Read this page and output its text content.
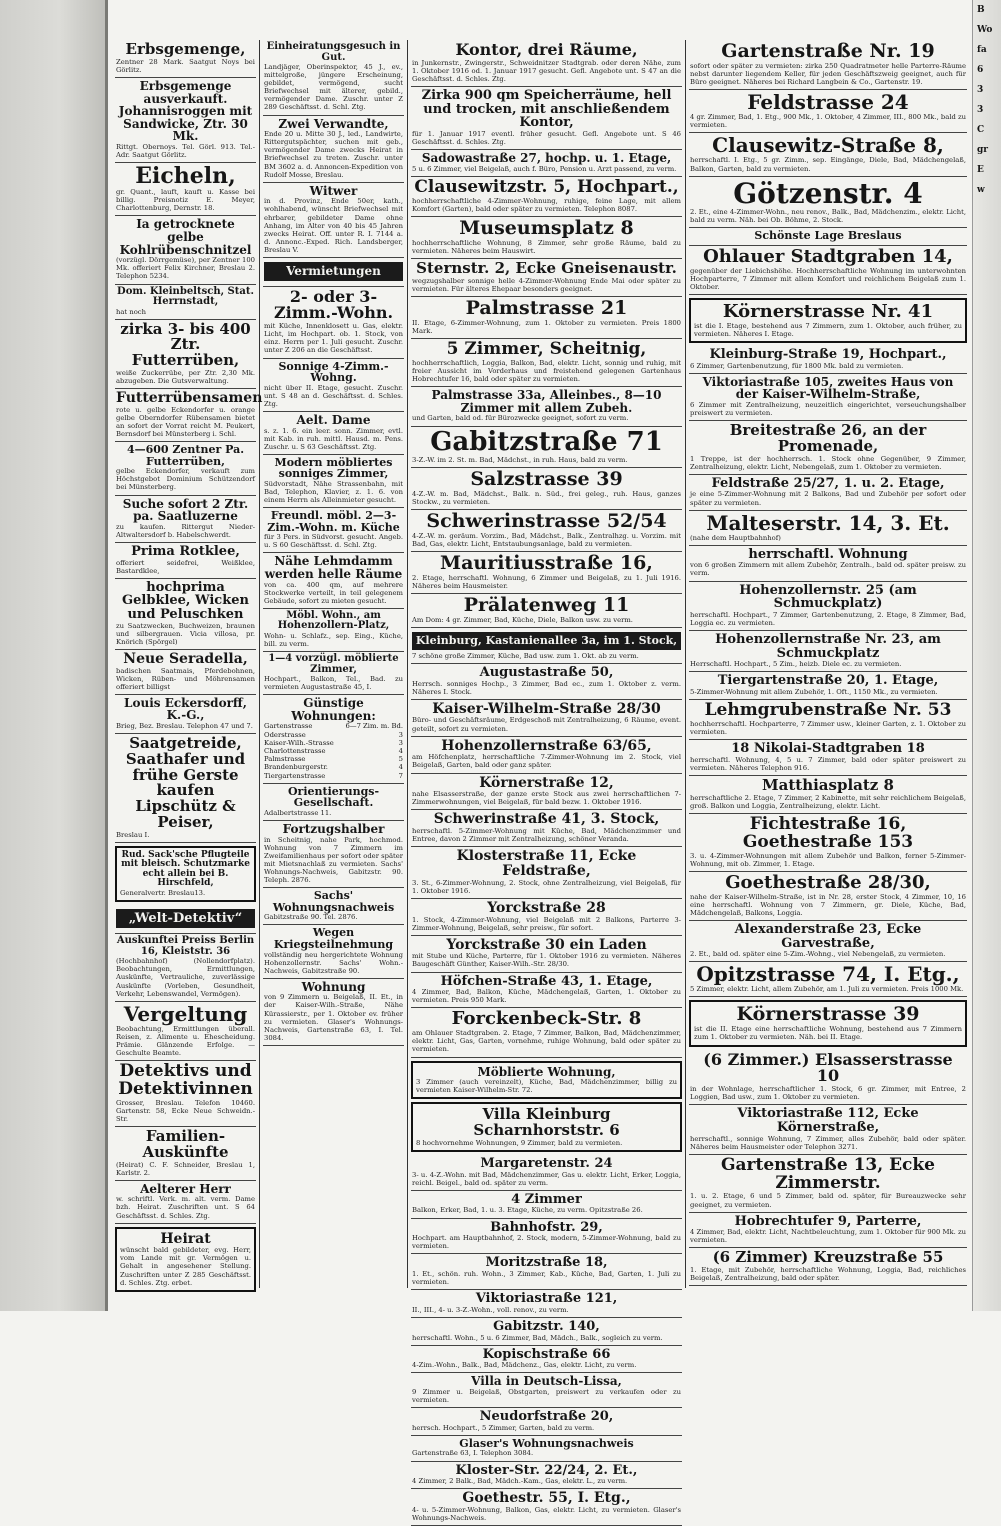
Erbsgemenge,
Zentner 28 Mark. Saatgut Noys bei Görlitz.
Erbsgemenge ausverkauft. Johannisroggen mit Sandwicke, Ztr. 30 Mk.
Rittgt. Obernoys. Tel. Görl. 913. Tel.-Adr. Saatgut Görlitz.
Eicheln,
gr. Quant., lauft, kauft u. Kasse bei billig. Preisnotiz E. Meyer, Charlottenburg, Dernstr. 18.
Ia getrocknete gelbe Kohlrübenschnitzel
(vorzügl. Dörrgemüse), per Zentner 100 Mk. offeriert Felix Kirchner, Breslau 2. Telephon 5234.
Dom. Kleinbeltsch, Stat. Herrnstadt,
hat noch
zirka 3- bis 400 Ztr. Futterrüben,
weiße Zuckerrübe, per Ztr. 2,30 Mk. abzugeben. Die Gutsverwaltung.
Futterrübensamen
rote u. gelbe Eckendorfer u. orange gelbe Oberndorfer Rübensamen bietet an sofort der Vorrat reicht M. Peukert, Bernsdorf bei Münsterberg i. Schl.
4—600 Zentner Pa. Futterrüben,
gelbe Eckendorfer, verkauft zum Höchstgebot Dominium Schützendorf bei Münsterberg.
Suche sofort 2 Ztr. pa. Saatluzerne
zu kaufen. Rittergut Nieder-Altwaltersdorf b. Habelschwerdt.
Prima Rotklee,
offeriert seidefrei, Weißklee, Bastardklee,
hochprima Gelbklee, Wicken und Peluschken
zu Saatzwecken, Buchweizen, braunen und silbergrauen. Vicia villosa, pr. Knörich (Spörgel)
Neue Seradella,
badischen Saatmais, Pferdebohnen, Wicken, Rüben- und Möhrensamen offeriert billigst
Louis Eckersdorff, K.-G.,
Brieg, Bez. Breslau. Telephon 47 und 7.
Saatgetreide, Saathafer und frühe Gerste kaufen Lipschütz & Peiser,
Breslau I.
Rud. Sack'sche Pflugteile mit bleisch. Schutzmarke echt allein bei B. Hirschfeld,
Generalvertr. Breslau13.
„Welt-Detektiv“
Auskunftei Preiss Berlin 16, Kleiststr. 36
(Hochbahnhof) (Nollendorfplatz). Beobachtungen, Ermittlungen, Auskünfte, Vertrauliche, zuverlässige Auskünfte (Vorleben, Gesundheit, Verkehr, Lebenswandel, Vermögen).
Vergeltung
Beobachtung, Ermittlungen überall. Reisen, z. Alimente u. Ehescheidung. Prämie. Glänzende Erfolge. — Geschulte Beamte.
Detektivs und Detektivinnen
Grosser, Breslau. Telefon 10460. Gartenstr. 58, Ecke Neue Schweidn.-Str.
Familien-Auskünfte
(Heirat) C. F. Schneider, Breslau 1, Karlstr. 2.
Aelterer Herr
w. schriftl. Verk. m. alt. verm. Dame bzh. Heirat. Zuschriften unt. S 64 Geschäftsst. d. Schles. Ztg.
Heirat
wünscht bald gebildeter, evg. Herr, vom Lande mit gr. Vermögen u. Gehalt in angesehener Stellung. Zuschriften unter Z 285 Geschäftsst. d. Schles. Ztg. erbet.
Einheiratungsgesuch in Gut.
Landjäger, Oberinspektor, 45 J., ev., mittelgroße, jüngere Erscheinung, gebildet, vermögend, sucht Briefwechsel mit älterer, gebild., vermögender Dame. Zuschr. unter Z 289 Geschäftsst. d. Schl. Ztg.
Zwei Verwandte,
Ende 20 u. Mitte 30 J., led., Landwirte, Rittergutspächter, suchen mit geb., vermögender Dame zwecks Heirat in Briefwechsel zu treten. Zuschr. unter BM 3602 a. d. Annoncen-Expedition von Rudolf Mosse, Breslau.
Witwer
in d. Provinz, Ende 50er, kath., wohlhabend, wünscht Briefwechsel mit ehrbarer, gebildeter Dame ohne Anhang, im Alter von 40 bis 45 Jahren zwecks Heirat. Off. unter R. I. 7144 a. d. Annonc.-Exped. Rich. Landsberger, Breslau V.
Vermietungen
2- oder 3-Zimm.-Wohn.
mit Küche, Innenklosett u. Gas, elektr. Licht, im Hochpart. ob. 1. Stock, von einz. Herrn per 1. Juli gesucht. Zuschr. unter Z 206 an die Geschäftsst.
Sonnige 4-Zimm.-Wohng.
nicht über II. Etage, gesucht. Zuschr. unt. S 48 an d. Geschäftsst. d. Schles. Ztg.
Aelt. Dame
s. z. 1. 6. ein leer. sonn. Zimmer, evtl. mit Kab. in ruh. mittl. Hausd. m. Pens. Zuschr. u. S 63 Geschäftsst. Ztg.
Modern möbliertes sonniges Zimmer,
Südvorstadt, Nähe Strassenbahn, mit Bad, Telephon, Klavier, z. 1. 6. von einem Herrn als Alleinmieter gesucht.
Freundl. möbl. 2—3-Zim.-Wohn. m. Küche
für 3 Pers. in Südvorst. gesucht. Angeb. u. S 60 Geschäftsst. d. Schl. Ztg.
Nähe Lehmdamm werden helle Räume
von ca. 400 qm, auf mehrere Stockwerke verteilt, in teil gelegenem Gebäude, sofort zu mieten gesucht.
Möbl. Wohn., am Hohenzollern-Platz,
Wohn- u. Schlafz., sep. Eing., Küche, bill. zu verm.
1—4 vorzügl. möblierte Zimmer,
Hochpart., Balkon, Tel., Bad. zu vermieten Augustastraße 45, I.
Günstige Wohnungen:
Gartenstrasse	6—7 Zim. m. Bd.
Oderstrasse	3
Kaiser-Wilh.-Strasse	3
Charlottenstrasse	4
Palmstrasse	5
Brandenburgerstr.	4
Tiergartenstrasse	7
Orientierungs-Gesellschaft.
Adalbertstrasse 11.
Fortzugshalber
in Scheitnig, nahe Park, hochmod. Wohnung von 7 Zimmern im Zweifamilienhaus per sofort oder später mit Mietsnachlaß zu vermieten. Sachs' Wohnungs-Nachweis, Gabitzstr. 90. Teleph. 2876.
Sachs' Wohnungsnachweis
Gabitzstraße 90. Tel. 2876.
Wegen Kriegsteilnehmung
vollständig neu hergerichtete Wohnung Hohenzollernstr. Sachs' Wohn.-Nachweis, Gabitzstraße 90.
Wohnung
von 9 Zimmern u. Beigelaß, II. Et., in der Kaiser-Wilh.-Straße, Nähe Kürassierstr., per 1. Oktober ev. früher zu vermieten. Glaser's Wohnungs-Nachweis, Gartenstraße 63, I. Tel. 3084.
Kontor, drei Räume,
in Junkernstr., Zwingerstr., Schweidnitzer Stadtgrab. oder deren Nähe, zum 1. Oktober 1916 od. 1. Januar 1917 gesucht. Gefl. Angebote unt. S 47 an die Geschäftsst. d. Schles. Ztg.
Zirka 900 qm Speicherräume, hell und trocken, mit anschließendem Kontor,
für 1. Januar 1917 eventl. früher gesucht. Gefl. Angebote unt. S 46 Geschäftsst. d. Schles. Ztg.
Sadowastraße 27, hochp. u. 1. Etage,
5 u. 6 Zimmer, viel Beigelaß, auch f. Büro, Pension u. Arzt passend, zu verm.
Clausewitzstr. 5, Hochpart.,
hochherrschaftliche 4-Zimmer-Wohnung, ruhige, feine Lage, mit allem Komfort (Garten), bald oder später zu vermieten. Telephon 8087.
Museumsplatz 8
hochherrschaftliche Wohnung, 8 Zimmer, sehr große Räume, bald zu vermieten. Näheres beim Hauswirt.
Sternstr. 2, Ecke Gneisenaustr.
wegzugshalber sonnige helle 4-Zimmer-Wohnung Ende Mai oder später zu vermieten. Für älteres Ehepaar besonders geeignet.
Palmstrasse 21
II. Etage, 6-Zimmer-Wohnung, zum 1. Oktober zu vermieten. Preis 1800 Mark.
5 Zimmer, Scheitnig,
hochherrschaftlich, Loggia, Balkon, Bad, elektr. Licht, sonnig und ruhig, mit freier Aussicht im Vorderhaus und freistehend gelegenen Gartenhaus Hobrechtufer 16, bald oder später zu vermieten.
Palmstrasse 33a, Alleinbes., 8—10 Zimmer mit allem Zubeh.
und Garten, bald od. für Bürozwecke geeignet, sofort zu verm.
Gabitzstraße 71
3-Z.-W. im 2. St. m. Bad, Mädchst., in ruh. Haus, bald zu verm.
Salzstrasse 39
4-Z.-W. m. Bad, Mädchst., Balk. n. Süd., frei geleg., ruh. Haus, ganzes Stockw., zu vermieten.
Schwerinstrasse 52/54
4-Z.-W. m. geräum. Vorzim., Bad, Mädchst., Balk., Zentralhzg. u. Vorzim. mit Bad, Gas, elektr. Licht, Entstaubungsanlage, bald zu vermieten.
Mauritiusstraße 16,
2. Etage, herrschaftl. Wohnung, 6 Zimmer und Beigelaß, zu 1. Juli 1916. Näheres beim Hausmeister.
Prälatenweg 11
Am Dom: 4 gr. Zimmer, Bad, Küche, Diele, Balkon usw. zu verm.
Kleinburg, Kastanienallee 3a, im 1. Stock,
7 schöne große Zimmer, Küche, Bad usw. zum 1. Okt. ab zu verm.
Augustastraße 50,
Herrsch. sonniges Hochp., 3 Zimmer, Bad ec., zum 1. Oktober z. verm. Näheres I. Stock.
Kaiser-Wilhelm-Straße 28/30
Büro- und Geschäftsräume, Erdgeschoß mit Zentralheizung, 6 Räume, event. geteilt, sofort zu vermieten.
Hohenzollernstraße 63/65,
am Höfchenplatz, herrschaftliche 7-Zimmer-Wohnung im 2. Stock, viel Beigelaß, Garten, bald oder ganz später.
Körnerstraße 12,
nahe Elsasserstraße, der ganze erste Stock aus zwei herrschaftlichen 7-Zimmerwohnungen, viel Beigelaß, für bald bezw. 1. Oktober 1916.
Schwerinstraße 41, 3. Stock,
herrschaftl. 5-Zimmer-Wohnung mit Küche, Bad, Mädchenzimmer und Entree, davon 2 Zimmer mit Zentralheizung, schöner Veranda.
Klosterstraße 11, Ecke Feldstraße,
3. St., 6-Zimmer-Wohnung, 2. Stock, ohne Zentralheizung, viel Beigelaß, für 1. Oktober 1916.
Yorckstraße 28
1. Stock, 4-Zimmer-Wohnung, viel Beigelaß mit 2 Balkons, Parterre 3-Zimmer-Wohnung, Beigelaß, sehr preisw., für sofort.
Yorckstraße 30 ein Laden
mit Stube und Küche, Parterre, für 1. Oktober 1916 zu vermieten. Näheres Baugeschäft Günther, Kaiser-Wilh.-Str. 28/30.
Höfchen-Straße 43, 1. Etage,
4 Zimmer, Bad, Balkon, Küche, Mädchengelaß, Garten, 1. Oktober zu vermieten. Preis 950 Mark.
Forckenbeck-Str. 8
am Ohlauer Stadtgraben. 2. Etage, 7 Zimmer, Balkon, Bad, Mädchenzimmer, elektr. Licht, Gas, Garten, vornehme, ruhige Wohnung, bald oder später zu vermieten.
Möblierte Wohnung,
3 Zimmer (auch vereinzelt), Küche, Bad, Mädchenzimmer, billig zu vermieten Kaiser-Wilhelm-Str. 72.
Villa Kleinburg Scharnhorststr. 6
8 hochvornehme Wohnungen, 9 Zimmer, bald zu vermieten.
Margaretenstr. 24
3- u. 4-Z.-Wohn. mit Bad, Mädchenzimmer, Gas u. elektr. Licht, Erker, Loggia, reichl. Beigel., bald od. später zu verm.
4 Zimmer
Balkon, Erker, Bad, 1. u. 3. Etage, Küche, zu verm. Opitzstraße 26.
Bahnhofstr. 29,
Hochpart. am Hauptbahnhof, 2. Stock, modern, 5-Zimmer-Wohnung, bald zu vermieten.
Moritzstraße 18,
1. Et., schön. ruh. Wohn., 3 Zimmer, Kab., Küche, Bad, Garten, 1. Juli zu vermieten.
Viktoriastraße 121,
II., III., 4- u. 3-Z.-Wohn., voll. renov., zu verm.
Gabitzstr. 140,
herrschaftl. Wohn., 5 u. 6 Zimmer, Bad, Mädch., Balk., sogleich zu verm.
Kopischstraße 66
4-Zim.-Wohn., Balk., Bad, Mädchenz., Gas, elektr. Licht, zu verm.
Villa in Deutsch-Lissa,
9 Zimmer u. Beigelaß, Obstgarten, preiswert zu verkaufen oder zu vermieten.
Neudorfstraße 20,
herrsch. Hochpart., 5 Zimmer, Garten, bald zu verm.
Glaser's Wohnungsnachweis
Gartenstraße 63, I. Telephon 3084.
Kloster-Str. 22/24, 2. Et.,
4 Zimmer, 2 Balk., Bad, Mädch.-Kam., Gas, elektr. L., zu verm.
Goethestr. 55, I. Etg.,
4- u. 5-Zimmer-Wohnung, Balkon, Gas, elektr. Licht, zu vermieten. Glaser's Wohnungs-Nachweis.
Gartenstraße Nr. 19
sofort oder später zu vermieten: zirka 250 Quadratmeter helle Parterre-Räume nebst darunter liegendem Keller, für jeden Geschäftszweig geeignet, auch für Büro geeignet. Näheres bei Richard Langbein & Co., Gartenstr. 19.
Feldstrasse 24
4 gr. Zimmer, Bad, 1. Etg., 900 Mk., 1. Oktober, 4 Zimmer, III., 800 Mk., bald zu vermieten.
Clausewitz-Straße 8,
herrschaftl. I. Etg., 5 gr. Zimm., sep. Eingänge, Diele, Bad, Mädchengelaß, Balkon, Garten, bald zu vermieten.
Götzenstr. 4
2. Et., eine 4-Zimmer-Wohn., neu renov., Balk., Bad, Mädchenzim., elektr. Licht, bald zu verm. Näh. bei Ob. Böhme, 2. Stock.
Schönste Lage Breslaus
Ohlauer Stadtgraben 14,
gegenüber der Liebichshöhe. Hochherrschaftliche Wohnung im unterwohnten Hochparterre, 7 Zimmer mit allem Komfort und reichlichem Beigelaß zum 1. Oktober.
Körnerstrasse Nr. 41
ist die I. Etage, bestehend aus 7 Zimmern, zum 1. Oktober, auch früher, zu vermieten. Näheres I. Etage.
Kleinburg-Straße 19, Hochpart.,
6 Zimmer, Gartenbenutzung, für 1800 Mk. bald zu vermieten.
Viktoriastraße 105, zweites Haus von der Kaiser-Wilhelm-Straße,
6 Zimmer mit Zentralheizung, neuzeitlich eingerichtet, verseuchungshalber preiswert zu vermieten.
Breitestraße 26, an der Promenade,
1 Treppe, ist der hochherrsch. 1. Stock ohne Gegenüber, 9 Zimmer, Zentralheizung, elektr. Licht, Nebengelaß, zum 1. Oktober zu vermieten.
Feldstraße 25/27, 1. u. 2. Etage,
je eine 5-Zimmer-Wohnung mit 2 Balkons, Bad und Zubehör per sofort oder später zu vermieten.
Malteserstr. 14, 3. Et.
(nahe dem Hauptbahnhof)
herrschaftl. Wohnung
von 6 großen Zimmern mit allem Zubehör, Zentralh., bald od. später preisw. zu verm.
Hohenzollernstr. 25 (am Schmuckplatz)
herrschaftl. Hochpart., 7 Zimmer, Gartenbenutzung, 2. Etage, 8 Zimmer, Bad, Loggia ec. zu vermieten.
Hohenzollernstraße Nr. 23, am Schmuckplatz
Herrschaftl. Hochpart., 5 Zim., heizb. Diele ec. zu vermieten.
Tiergartenstraße 20, 1. Etage,
5-Zimmer-Wohnung mit allem Zubehör, 1. Oft., 1150 Mk., zu vermieten.
Lehmgrubenstraße Nr. 53
hochherrschaftl. Hochparterre, 7 Zimmer usw., kleiner Garten, z. 1. Oktober zu vermieten.
18 Nikolai-Stadtgraben 18
herrschaftl. Wohnung, 4, 5 u. 7 Zimmer, bald oder später preiswert zu vermieten. Näheres Telephon 916.
Matthiasplatz 8
herrschaftliche 2. Etage, 7 Zimmer, 2 Kabinette, mit sehr reichlichem Beigelaß, groß. Balkon und Loggia, Zentralheizung, elektr. Licht.
Fichtestraße 16, Goethestraße 153
3. u. 4-Zimmer-Wohnungen mit allem Zubehör und Balkon, ferner 5-Zimmer-Wohnung, mit ob. Zimmer, 1. Etage.
Goethestraße 28/30,
nahe der Kaiser-Wilhelm-Straße, ist in Nr. 28, erster Stock, 4 Zimmer, 10, 16 eine herrschaftl. Wohnung von 7 Zimmern, gr. Diele, Küche, Bad, Mädchengelaß, Balkons, Loggia.
Alexanderstraße 23, Ecke Garvestraße,
2. Et., bald od. später eine 5-Zim.-Wohng., viel Nebengelaß, zu vermieten.
Opitzstrasse 74, I. Etg.,
5 Zimmer, elektr. Licht, allem Zubehör, am 1. Juli zu vermieten. Preis 1000 Mk.
Körnerstrasse 39
ist die II. Etage eine herrschaftliche Wohnung, bestehend aus 7 Zimmern zum 1. Oktober zu vermieten. Näh. bei II. Etage.
(6 Zimmer.) Elsasserstrasse 10
in der Wohnlage, herrschaftlicher 1. Stock, 6 gr. Zimmer, mit Entree, 2 Loggien, Bad usw., zum 1. Oktober zu vermieten.
Viktoriastraße 112, Ecke Körnerstraße,
herrschaftl., sonnige Wohnung, 7 Zimmer, alles Zubehör, bald oder später. Näheres beim Hausmeister oder Telephon 3271.
Gartenstraße 13, Ecke Zimmerstr.
1. u. 2. Etage, 6 und 5 Zimmer, bald od. später, für Bureauzwecke sehr geeignet, zu vermieten.
Hobrechtufer 9, Parterre,
4 Zimmer, Bad, elektr. Licht, Nachtbeleuchtung, zum 1. Oktober für 900 Mk. zu vermieten.
(6 Zimmer) Kreuzstraße 55
1. Etage, mit Zubehör, herrschaftliche Wohnung, Loggia, Bad, reichliches Beigelaß, Zentralheizung, bald oder später.
B
Wo
fa
6
3
3
C
gr
E
w
